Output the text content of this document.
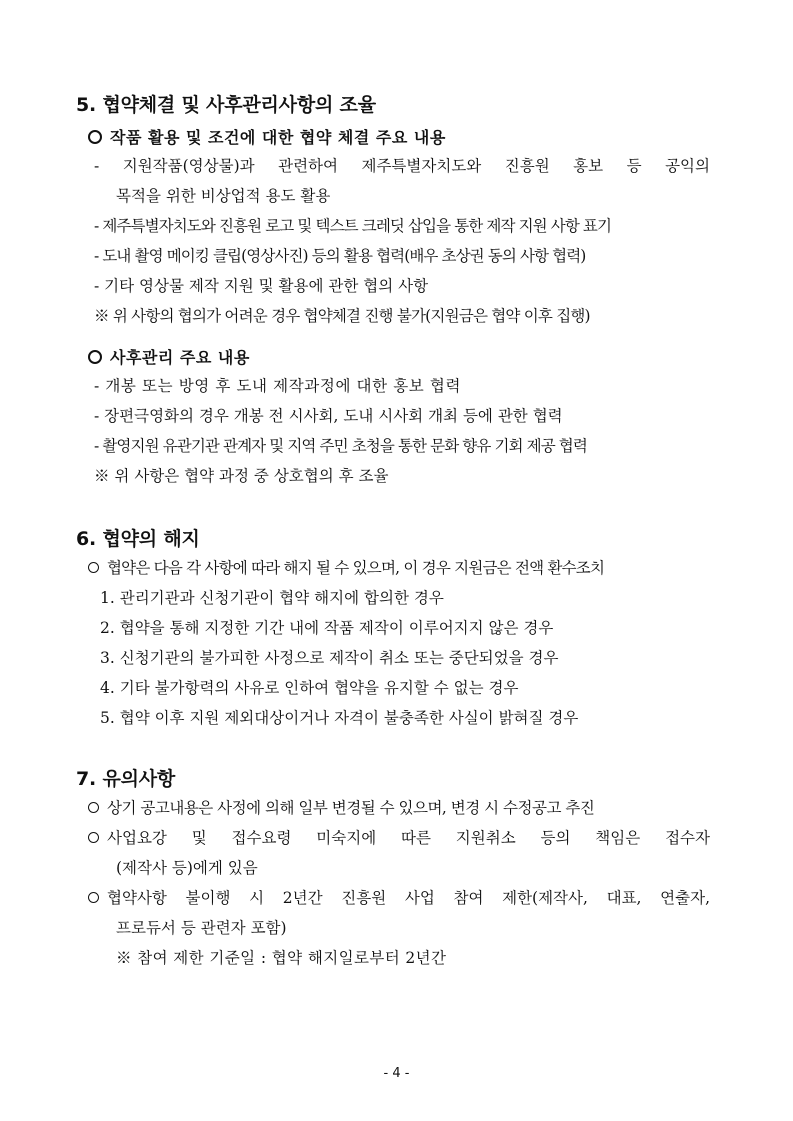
5. 협약체결 및 사후관리사항의 조율
작품 활용 및 조건에 대한 협약 체결 주요 내용
- 지원작품(영상물)과 관련하여 제주특별자치도와 진흥원 홍보 등 공익의
목적을 위한 비상업적 용도 활용
- 제주특별자치도와 진흥원 로고 및 텍스트 크레딧 삽입을 통한 제작 지원 사항 표기
- 도내 촬영 메이킹 클립(영상사진) 등의 활용 협력(배우 초상권 동의 사항 협력)
- 기타 영상물 제작 지원 및 활용에 관한 협의 사항
※ 위 사항의 협의가 어려운 경우 협약체결 진행 불가(지원금은 협약 이후 집행)
사후관리 주요 내용
- 개봉 또는 방영 후 도내 제작과정에 대한 홍보 협력
- 장편극영화의 경우 개봉 전 시사회, 도내 시사회 개최 등에 관한 협력
- 촬영지원 유관기관 관계자 및 지역 주민 초청을 통한 문화 향유 기회 제공 협력
※ 위 사항은 협약 과정 중 상호협의 후 조율
6. 협약의 해지
협약은 다음 각 사항에 따라 해지 될 수 있으며, 이 경우 지원금은 전액 환수조치
1. 관리기관과 신청기관이 협약 해지에 합의한 경우
2. 협약을 통해 지정한 기간 내에 작품 제작이 이루어지지 않은 경우
3. 신청기관의 불가피한 사정으로 제작이 취소 또는 중단되었을 경우
4. 기타 불가항력의 사유로 인하여 협약을 유지할 수 없는 경우
5. 협약 이후 지원 제외대상이거나 자격이 불충족한 사실이 밝혀질 경우
7. 유의사항
상기 공고내용은 사정에 의해 일부 변경될 수 있으며, 변경 시 수정공고 추진
사업요강 및 접수요령 미숙지에 따른 지원취소 등의 책임은 접수자
(제작사 등)에게 있음
협약사항 불이행 시 2년간 진흥원 사업 참여 제한(제작사, 대표, 연출자,
프로듀서 등 관련자 포함)
※ 참여 제한 기준일 : 협약 해지일로부터 2년간
- 4 -
